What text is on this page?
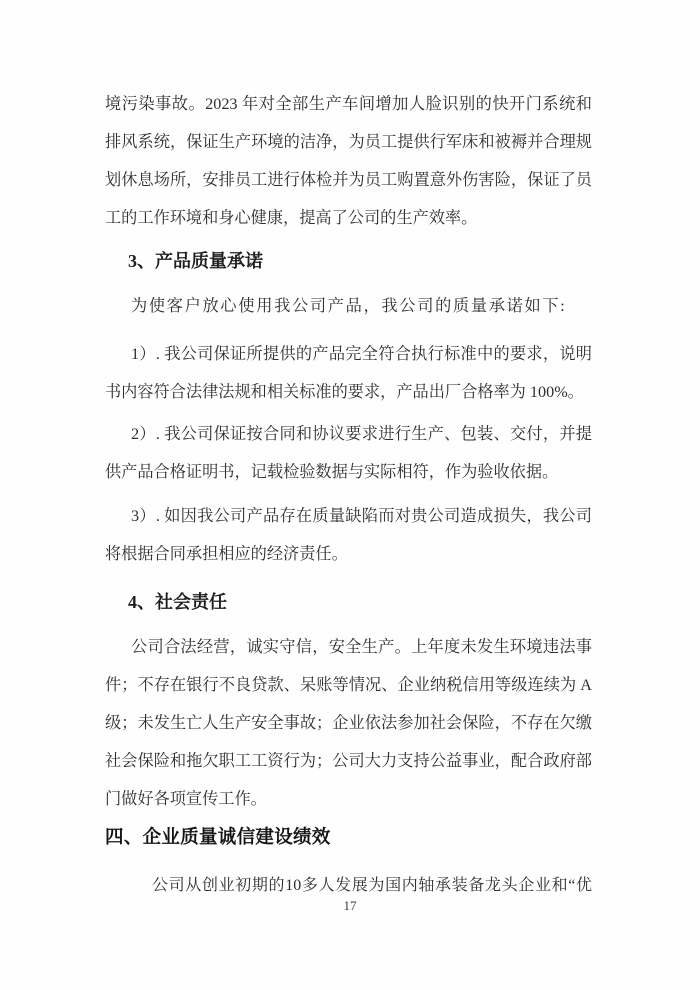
境污染事故。2023 年对全部生产车间增加人脸识别的快开门系统和
排风系统，保证生产环境的洁净，为员工提供行军床和被褥并合理规
划休息场所，安排员工进行体检并为员工购置意外伤害险，保证了员
工的工作环境和身心健康，提高了公司的生产效率。
3、产品质量承诺
为使客户放心使用我公司产品，我公司的质量承诺如下:
1）. 我公司保证所提供的产品完全符合执行标准中的要求，说明
书内容符合法律法规和相关标准的要求，产品出厂合格率为 100%。
2）. 我公司保证按合同和协议要求进行生产、包装、交付，并提
供产品合格证明书，记载检验数据与实际相符，作为验收依据。
3）. 如因我公司产品存在质量缺陷而对贵公司造成损失，我公司
将根据合同承担相应的经济责任。
4、社会责任
公司合法经营，诚实守信，安全生产。上年度未发生环境违法事
件；不存在银行不良贷款、呆账等情况、企业纳税信用等级连续为 A
级；未发生亡人生产安全事故；企业依法参加社会保险，不存在欠缴
社会保险和拖欠职工工资行为；公司大力支持公益事业，配合政府部
门做好各项宣传工作。
四、企业质量诚信建设绩效
公司从创业初期的10多人发展为国内轴承装备龙头企业和“优
17
